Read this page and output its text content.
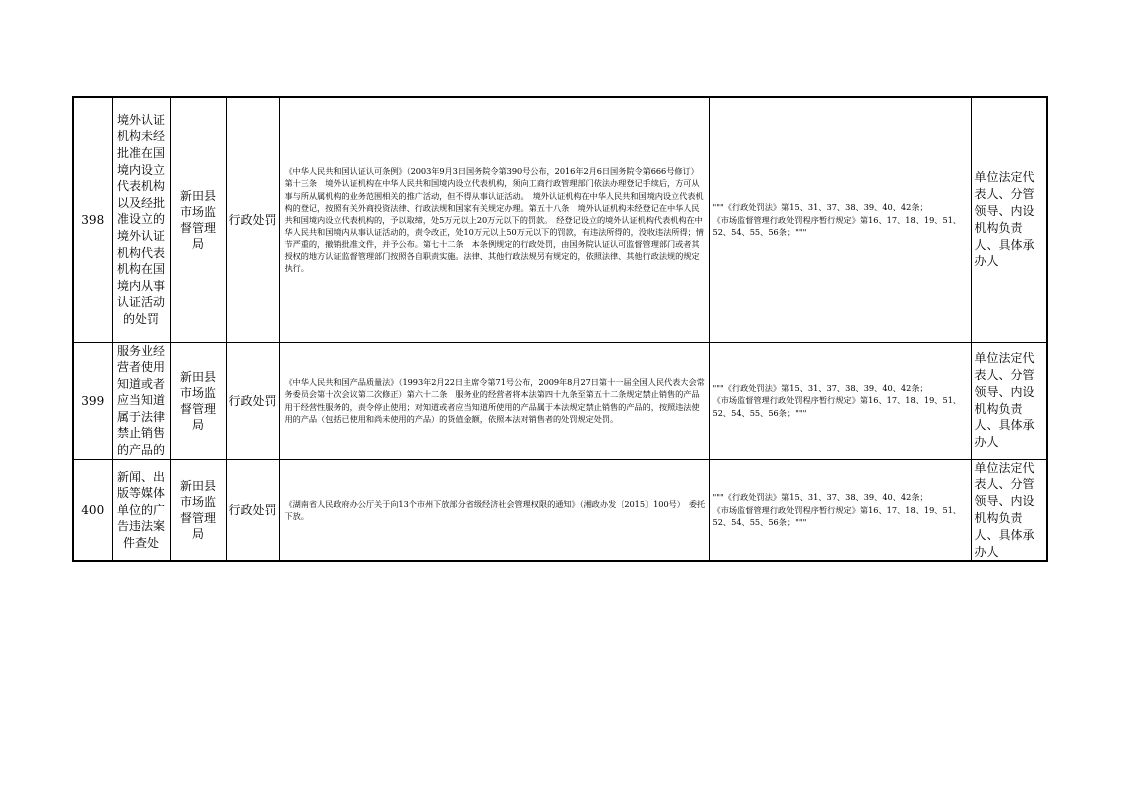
398	境外认证机构未经批准在国境内设立代表机构以及经批准设立的境外认证机构代表机构在国境内从事认证活动的处罚	新田县市场监督管理局	行政处罚	《中华人民共和国认证认可条例》（2003年9月3日国务院令第390号公布，2016年2月6日国务院令第666号修订）第十三条　境外认证机构在中华人民共和国境内设立代表机构，须向工商行政管理部门依法办理登记手续后，方可从事与所从属机构的业务范围相关的推广活动，但不得从事认证活动。　境外认证机构在中华人民共和国境内设立代表机构的登记，按照有关外商投资法律、行政法规和国家有关规定办理。第五十八条　境外认证机构未经登记在中华人民共和国境内设立代表机构的，予以取缔，处5万元以上20万元以下的罚款。　经登记设立的境外认证机构代表机构在中华人民共和国境内从事认证活动的，责令改正，处10万元以上50万元以下的罚款，有违法所得的，没收违法所得；情节严重的，撤销批准文件，并予公布。第七十二条　本条例规定的行政处罚，由国务院认证认可监督管理部门或者其授权的地方认证监督管理部门按照各自职责实施。法律、其他行政法规另有规定的，依照法律、其他行政法规的规定执行。	"""《行政处罚法》第15、31、37、38、39、40、42条；
《市场监督管理行政处罚程序暂行规定》第16、17、18、19、51、52、54、55、56条；"""	单位法定代表人、分管领导、内设机构负责人、具体承办人
399	服务业经营者使用知道或者应当知道属于法律禁止销售的产品的	新田县市场监督管理局	行政处罚	《中华人民共和国产品质量法》（1993年2月22日主席令第71号公布，2009年8月27日第十一届全国人民代表大会常务委员会第十次会议第二次修正）第六十二条　服务业的经营者将本法第四十九条至第五十二条规定禁止销售的产品用于经营性服务的，责令停止使用；对知道或者应当知道所使用的产品属于本法规定禁止销售的产品的，按照违法使用的产品（包括已使用和尚未使用的产品）的货值金额，依照本法对销售者的处罚规定处罚。	"""《行政处罚法》第15、31、37、38、39、40、42条；
《市场监督管理行政处罚程序暂行规定》第16、17、18、19、51、52、54、55、56条；"""	单位法定代表人、分管领导、内设机构负责人、具体承办人
400	新闻、出版等媒体单位的广告违法案件查处	新田县市场监督管理局	行政处罚	《湖南省人民政府办公厅关于向13个市州下放部分省级经济社会管理权限的通知》（湘政办发〔2015〕100号）　委托下放。	"""《行政处罚法》第15、31、37、38、39、40、42条；
《市场监督管理行政处罚程序暂行规定》第16、17、18、19、51、52、54、55、56条；"""	单位法定代表人、分管领导、内设机构负责人、具体承办人
